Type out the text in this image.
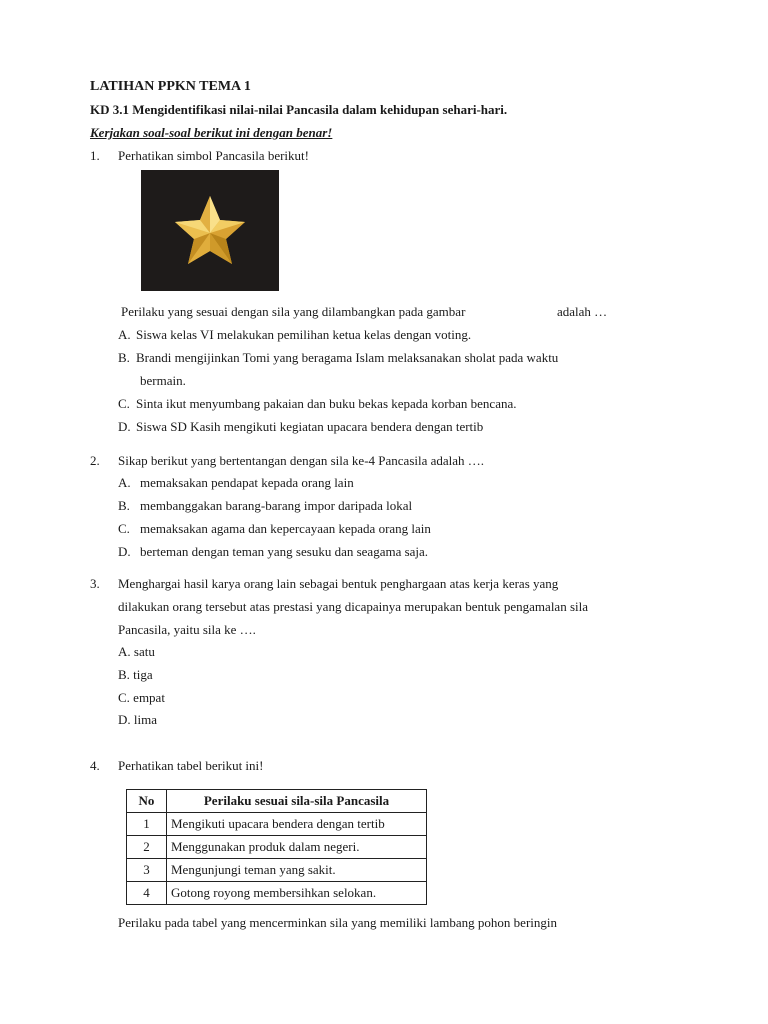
LATIHAN PPKN TEMA 1
KD 3.1 Mengidentifikasi nilai-nilai Pancasila dalam kehidupan sehari-hari.
Kerjakan soal-soal berikut ini dengan benar!
1. Perhatikan simbol Pancasila berikut!
Perilaku yang sesuai dengan sila yang dilambangkan pada gambar	adalah …
A. Siswa kelas VI melakukan pemilihan ketua kelas dengan voting.
B. Brandi mengijinkan Tomi yang beragama Islam melaksanakan sholat pada waktu
bermain.
C. Sinta ikut menyumbang pakaian dan buku bekas kepada korban bencana.
D. Siswa SD Kasih mengikuti kegiatan upacara bendera dengan tertib
2. Sikap berikut yang bertentangan dengan sila ke-4 Pancasila adalah ….
A. memaksakan pendapat kepada orang lain
B. membanggakan barang-barang impor daripada lokal
C. memaksakan agama dan kepercayaan kepada orang lain
D. berteman dengan teman yang sesuku dan seagama saja.
3. Menghargai hasil karya orang lain sebagai bentuk penghargaan atas kerja keras yang
dilakukan orang tersebut atas prestasi yang dicapainya merupakan bentuk pengamalan sila
Pancasila, yaitu sila ke ….
A. satu
B. tiga
C. empat
D. lima
4. Perhatikan tabel berikut ini!
No	Perilaku sesuai sila-sila Pancasila
1	Mengikuti upacara bendera dengan tertib
2	Menggunakan produk dalam negeri.
3	Mengunjungi teman yang sakit.
4	Gotong royong membersihkan selokan.
Perilaku pada tabel yang mencerminkan sila yang memiliki lambang pohon beringin
